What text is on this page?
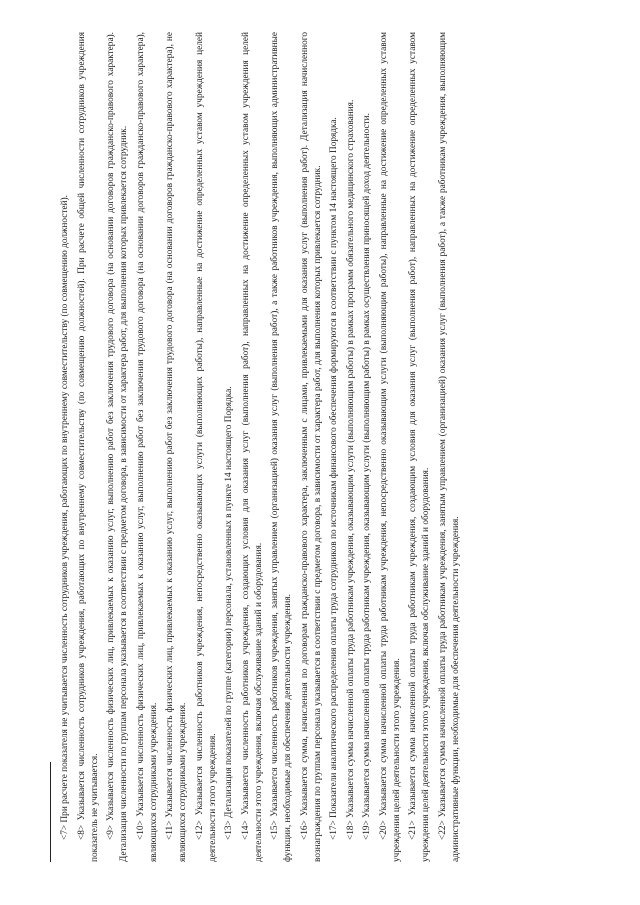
<7> При расчете показателя не учитывается численность сотрудников учреждения, работающих по внутреннему совместительству (по совмещению должностей). <8> Указывается численность сотрудников учреждения, работающих по внутреннему совместительству (по совмещению должностей). При расчете общей численности сотрудников учреждения показатель не учитывается. <9> Указывается численность физических лиц, привлекаемых к оказанию услуг, выполнению работ без заключения трудового договора (на основании договоров гражданско-правового характера). Детализация численности по группам персонала указывается в соответствии с предметом договора, в зависимости от характера работ, для выполнения которых привлекается сотрудник. <10> Указывается численность физических лиц, привлекаемых к оказанию услуг, выполнению работ без заключения трудового договора (на основании договоров гражданско-правового характера), являющихся сотрудниками учреждения. <11> Указывается численность физических лиц, привлекаемых к оказанию услуг, выполнению работ без заключения трудового договора (на основании договоров гражданско-правового характера), не являющихся сотрудниками учреждения. <12> Указывается численность работников учреждения, непосредственно оказывающих услуги (выполняющих работы), направленные на достижение определенных уставом учреждения целей деятельности этого учреждения. <13> Детализация показателей по группе (категории) персонала, установленных в пункте 14 настоящего Порядка. <14> Указывается численность работников учреждения, создающих условия для оказания услуг (выполнения работ), направленных на достижение определенных уставом учреждения целей деятельности этого учреждения, включая обслуживание зданий и оборудования. <15> Указывается численность работников учреждения, занятых управлением (организацией) оказания услуг (выполнения работ), а также работников учреждения, выполняющих административные функции, необходимые для обеспечения деятельности учреждения. <16> Указывается сумма, начисленная по договорам гражданско-правового характера, заключенным с лицами, привлекаемыми для оказания услуг (выполнения работ). Детализация начисленного вознаграждения по группам персонала указывается в соответствии с предметом договора, в зависимости от характера работ, для выполнения которых привлекается сотрудник. <17> Показатели аналитического распределения оплаты труда сотрудников по источникам финансового обеспечения формируются в соответствии с пунктом 14 настоящего Порядка. <18> Указывается сумма начисленной оплаты труда работникам учреждения, оказывающим услуги (выполняющим работы) в рамках программ обязательного медицинского страхования. <19> Указывается сумма начисленной оплаты труда работникам учреждения, оказывающим услуги (выполняющим работы) в рамках осуществления приносящей доход деятельности. <20> Указывается сумма начисленной оплаты труда работникам учреждения, непосредственно оказывающим услуги (выполняющим работы), направленные на достижение определенных уставом учреждения целей деятельности этого учреждения. <21> Указывается сумма начисленной оплаты труда работникам учреждения, создающим условия для оказания услуг (выполнения работ), направленных на достижение определенных уставом учреждения целей деятельности этого учреждения, включая обслуживание зданий и оборудования. <22> Указывается сумма начисленной оплаты труда работникам учреждения, занятым управлением (организацией) оказания услуг (выполнения работ), а также работникам учреждения, выполняющим административные функции, необходимые для обеспечения деятельности учреждения.
